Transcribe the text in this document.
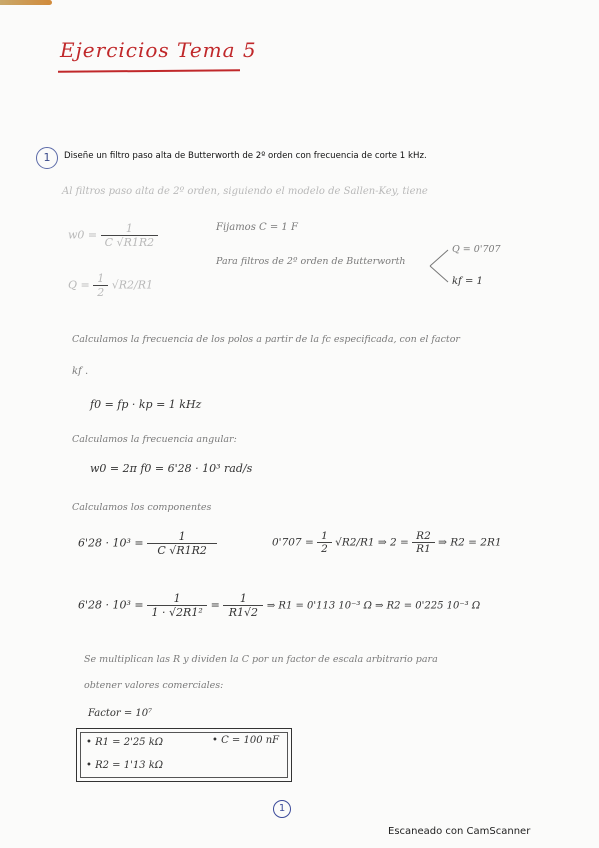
Ejercicios Tema 5
1	Diseñe un filtro paso alta de Butterworth de 2º orden con frecuencia de corte 1 kHz.
Al filtros paso alta de 2º orden, siguiendo el modelo de Sallen-Key, tiene
$w0 = \frac{1}{C √R1R2}$
$Q = \frac{1}{2} √R2/R1$
Fijamos C = 1 F
Para filtros de 2º orden de Butterworth
Q = 0'707
kf = 1
Calculamos la frecuencia de los polos a partir de la fc especificada, con el factor
kf .
f0 = fp · kp = 1 kHz
Calculamos la frecuencia angular:
w0 = 2π f0 = 6'28 · 10³ rad/s
Calculamos los componentes
$6'28 \cdot 10^3 = \frac{1}{C √R1R2}$	$0'707 = \frac{1}{2} √R2/R1$ ⇒ $2 = \frac{R2}{R1}$ ⇒ R2 = 2R1
$6'28 \cdot 10^3 = \frac{1}{\text{1 · √2R1²}} = \frac{1}{R1√2}$ ⇒ R1 = 0'113 10⁻³ Ω ⇒ R2 = 0'225 10⁻³ Ω
Se multiplican las R y dividen la C por un factor de escala arbitrario para
obtener valores comerciales:
Factor = 10⁷
• R1 = 2'25 kΩ	• C = 100 nF
• R2 = 1'13 kΩ
1
Escaneado con CamScanner
